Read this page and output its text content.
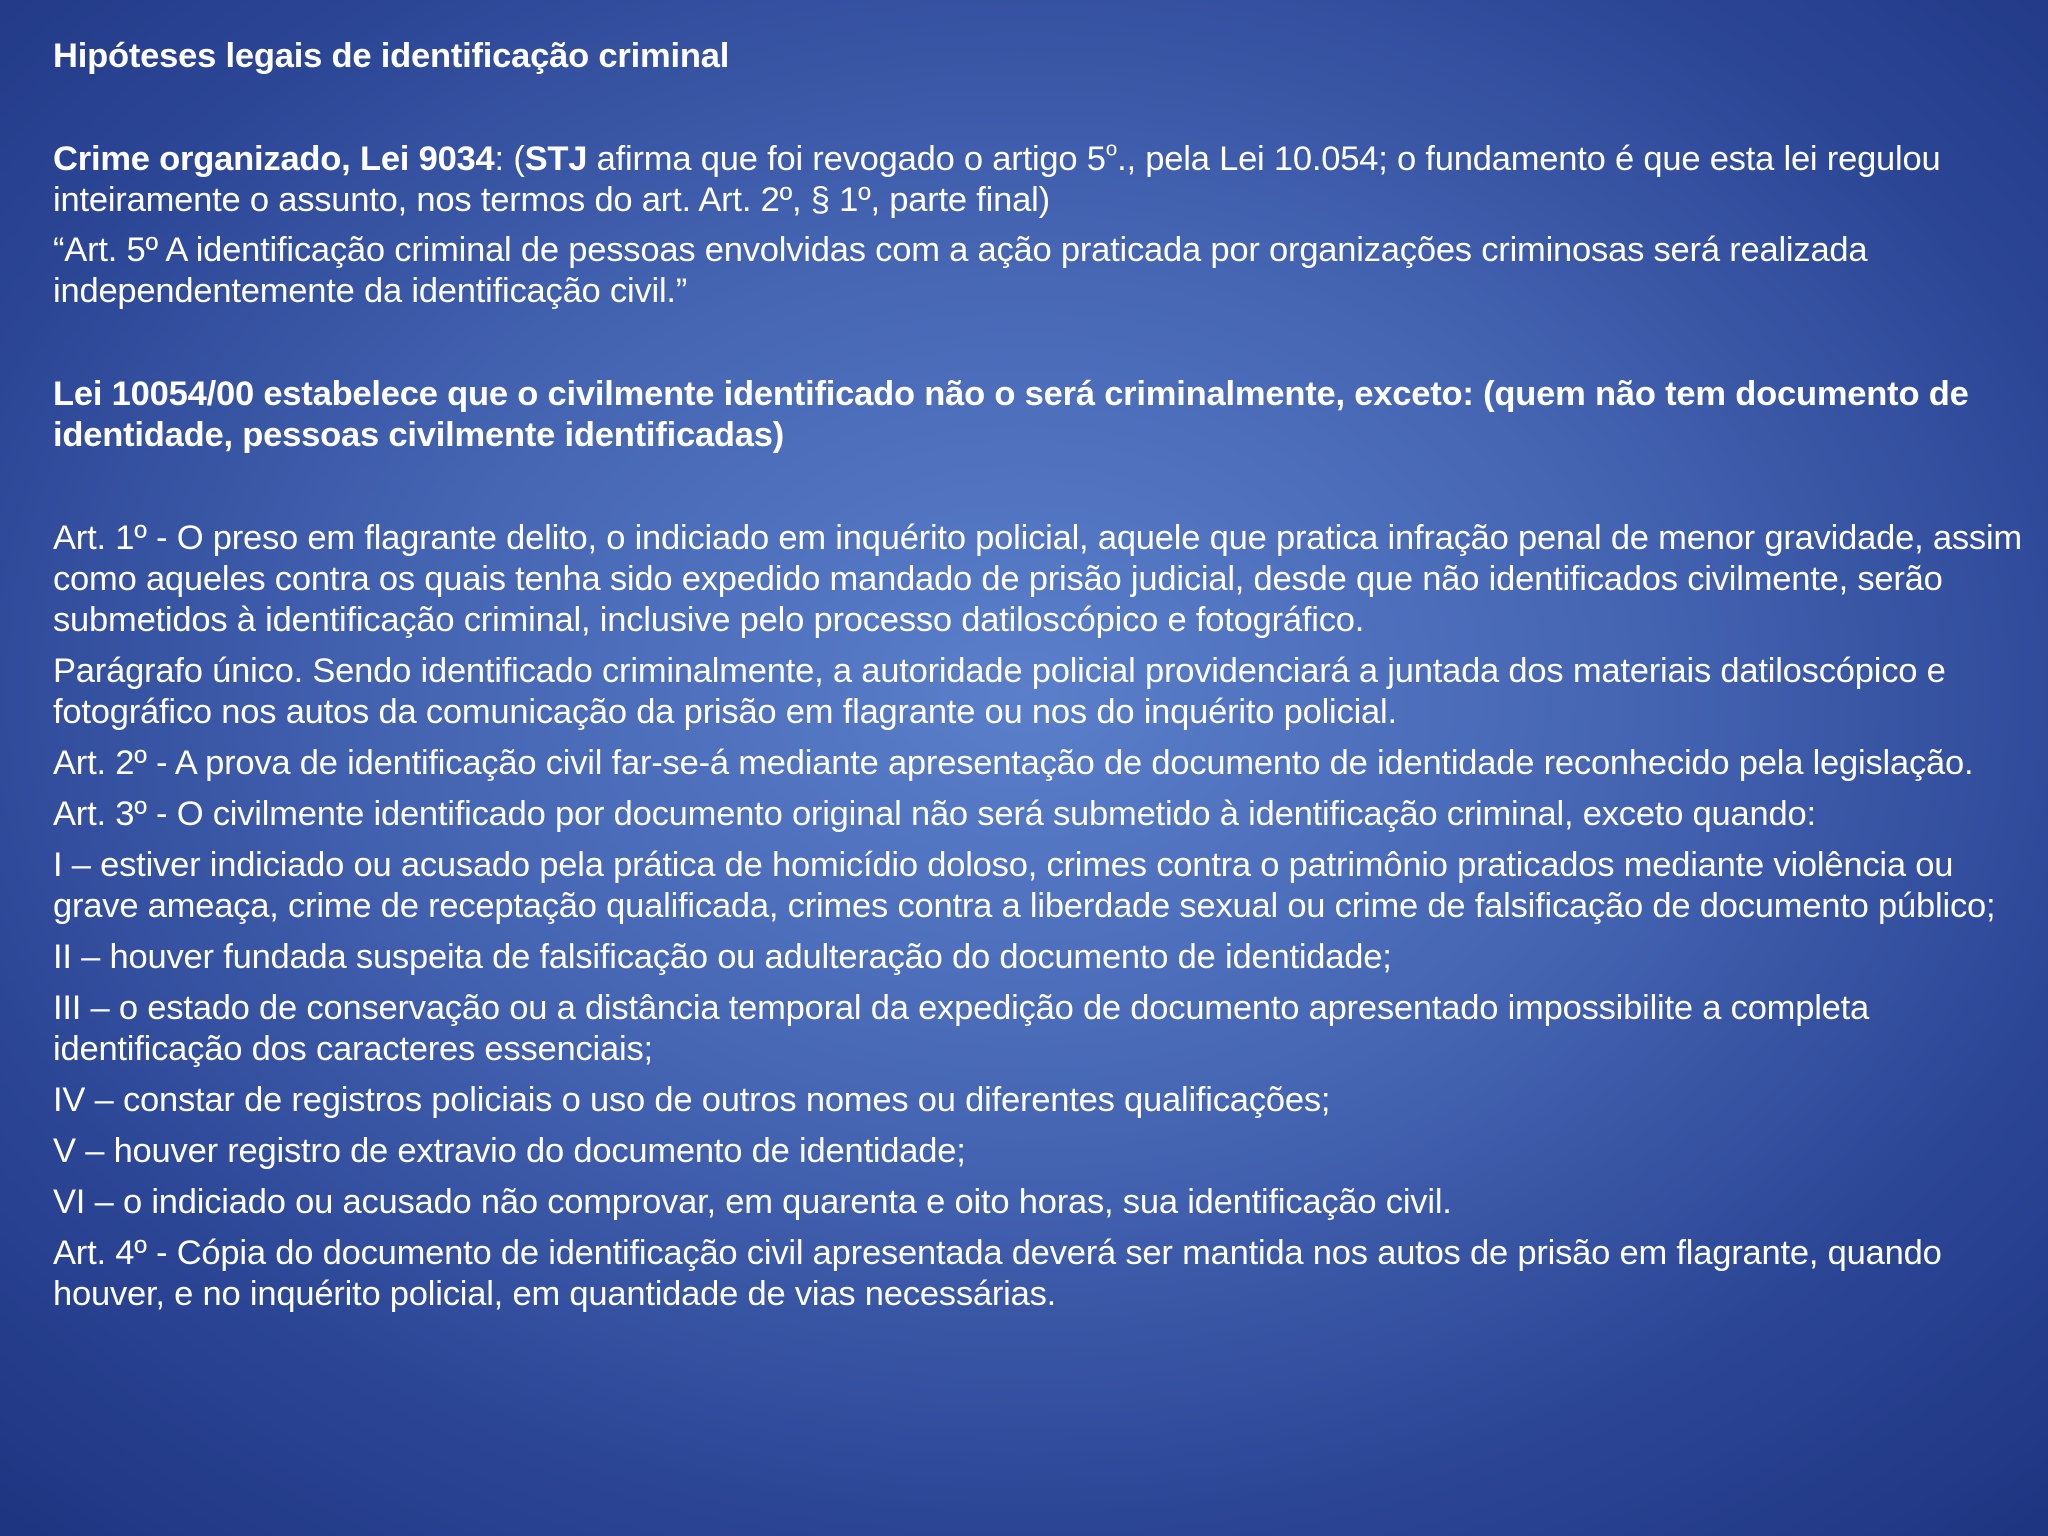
Hipóteses legais de identificação criminal

Crime organizado, Lei 9034: (STJ afirma que foi revogado o artigo 5$^o$., pela Lei 10.054; o fundamento é que esta lei regulou inteiramente o assunto, nos termos do art. Art. 2º, § 1º, parte final)

“Art. 5º A identificação criminal de pessoas envolvidas com a ação praticada por organizações criminosas será realizada independentemente da identificação civil.”

Lei 10054/00 estabelece que o civilmente identificado não o será criminalmente, exceto: (quem não tem documento de identidade, pessoas civilmente identificadas)

Art. 1º - O preso em flagrante delito, o indiciado em inquérito policial, aquele que pratica infração penal de menor gravidade, assim como aqueles contra os quais tenha sido expedido mandado de prisão judicial, desde que não identificados civilmente, serão submetidos à identificação criminal, inclusive pelo processo datiloscópico e fotográfico.

Parágrafo único. Sendo identificado criminalmente, a autoridade policial providenciará a juntada dos materiais datiloscópico e fotográfico nos autos da comunicação da prisão em flagrante ou nos do inquérito policial.

Art. 2º - A prova de identificação civil far-se-á mediante apresentação de documento de identidade reconhecido pela legislação.

Art. 3º - O civilmente identificado por documento original não será submetido à identificação criminal, exceto quando:

I – estiver indiciado ou acusado pela prática de homicídio doloso, crimes contra o patrimônio praticados mediante violência ou grave ameaça, crime de receptação qualificada, crimes contra a liberdade sexual ou crime de falsificação de documento público;

II – houver fundada suspeita de falsificação ou adulteração do documento de identidade;

III – o estado de conservação ou a distância temporal da expedição de documento apresentado impossibilite a completa identificação dos caracteres essenciais;

IV – constar de registros policiais o uso de outros nomes ou diferentes qualificações;

V – houver registro de extravio do documento de identidade;

VI – o indiciado ou acusado não comprovar, em quarenta e oito horas, sua identificação civil.

Art. 4º - Cópia do documento de identificação civil apresentada deverá ser mantida nos autos de prisão em flagrante, quando houver, e no inquérito policial, em quantidade de vias necessárias.
